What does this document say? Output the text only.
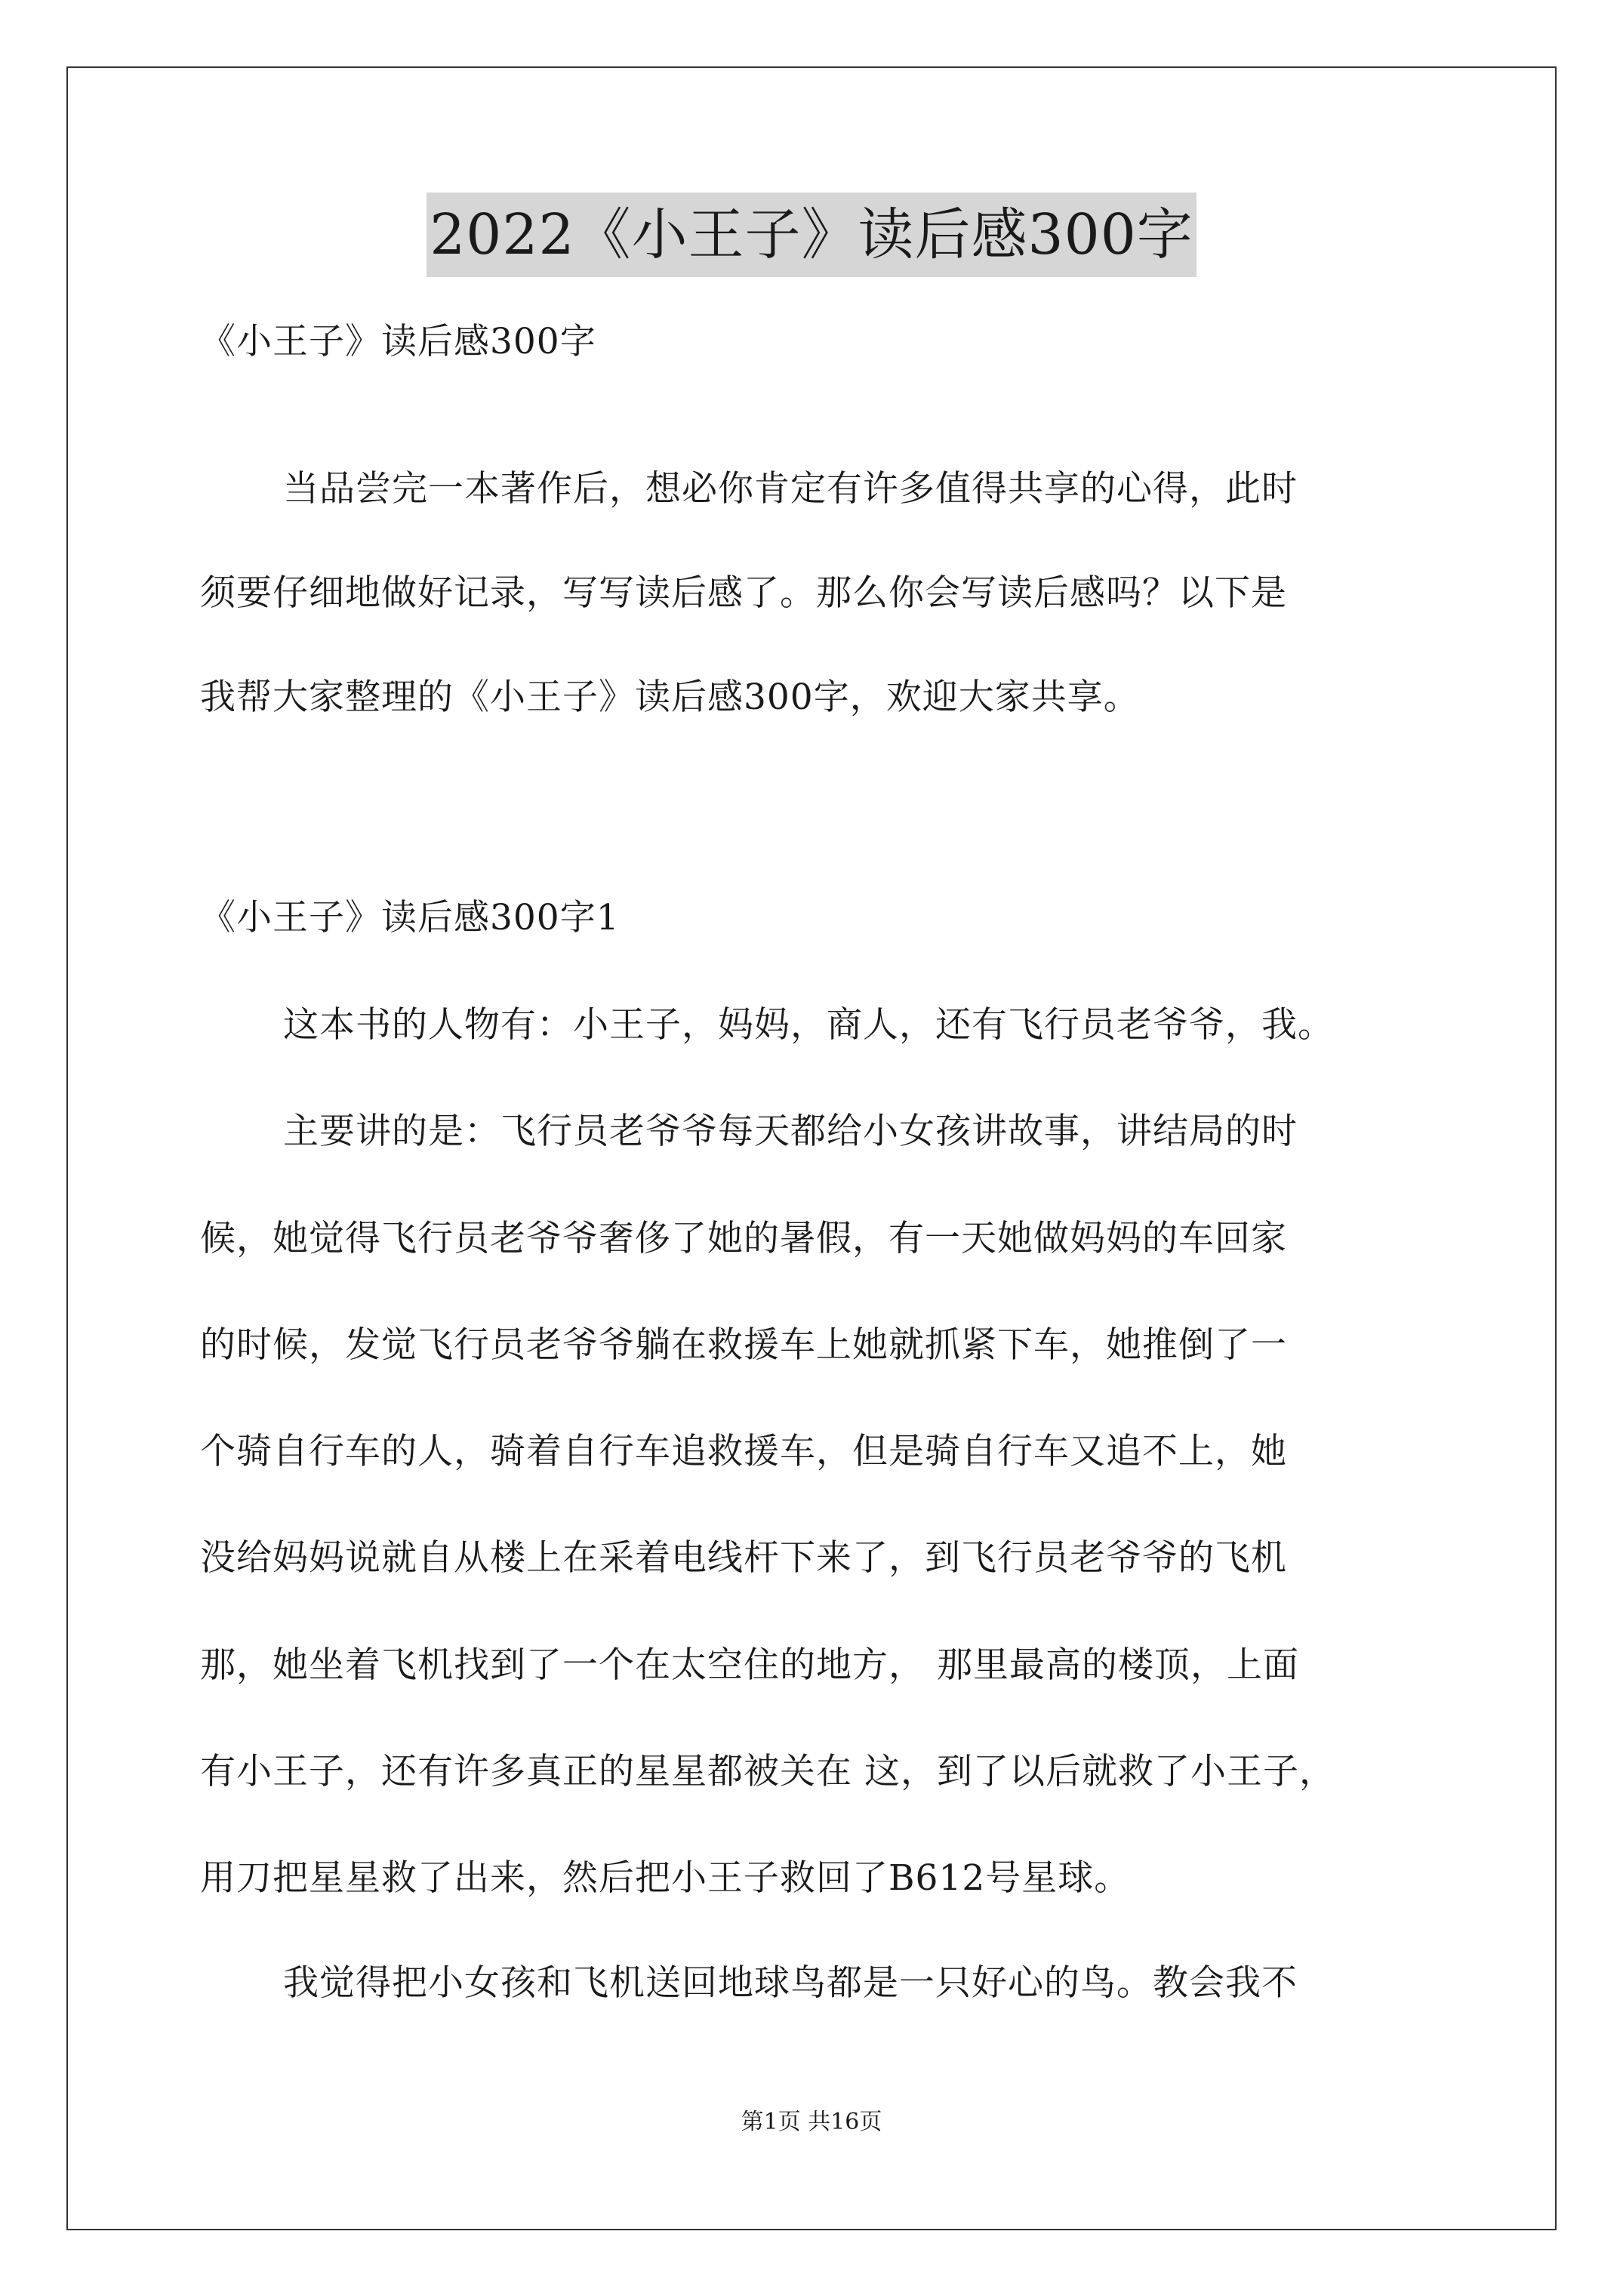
2022《小王子》读后感300字
《小王子》读后感300字
当品尝完一本著作后，想必你肯定有许多值得共享的心得，此时
须要仔细地做好记录，写写读后感了。那么你会写读后感吗？以下是
我帮大家整理的《小王子》读后感300字，欢迎大家共享。
《小王子》读后感300字1
这本书的人物有：小王子，妈妈，商人，还有飞行员老爷爷，我。
主要讲的是：飞行员老爷爷每天都给小女孩讲故事，讲结局的时
候，她觉得飞行员老爷爷奢侈了她的暑假，有一天她做妈妈的车回家
的时候，发觉飞行员老爷爷躺在救援车上她就抓紧下车，她推倒了一
个骑自行车的人，骑着自行车追救援车，但是骑自行车又追不上，她
没给妈妈说就自从楼上在采着电线杆下来了，到飞行员老爷爷的飞机
那，她坐着飞机找到了一个在太空住的地方， 那里最高的楼顶，上面
有小王子，还有许多真正的星星都被关在 这，到了以后就救了小王子，
用刀把星星救了出来，然后把小王子救回了B612号星球。
我觉得把小女孩和飞机送回地球鸟都是一只好心的鸟。教会我不
第1页 共16页
